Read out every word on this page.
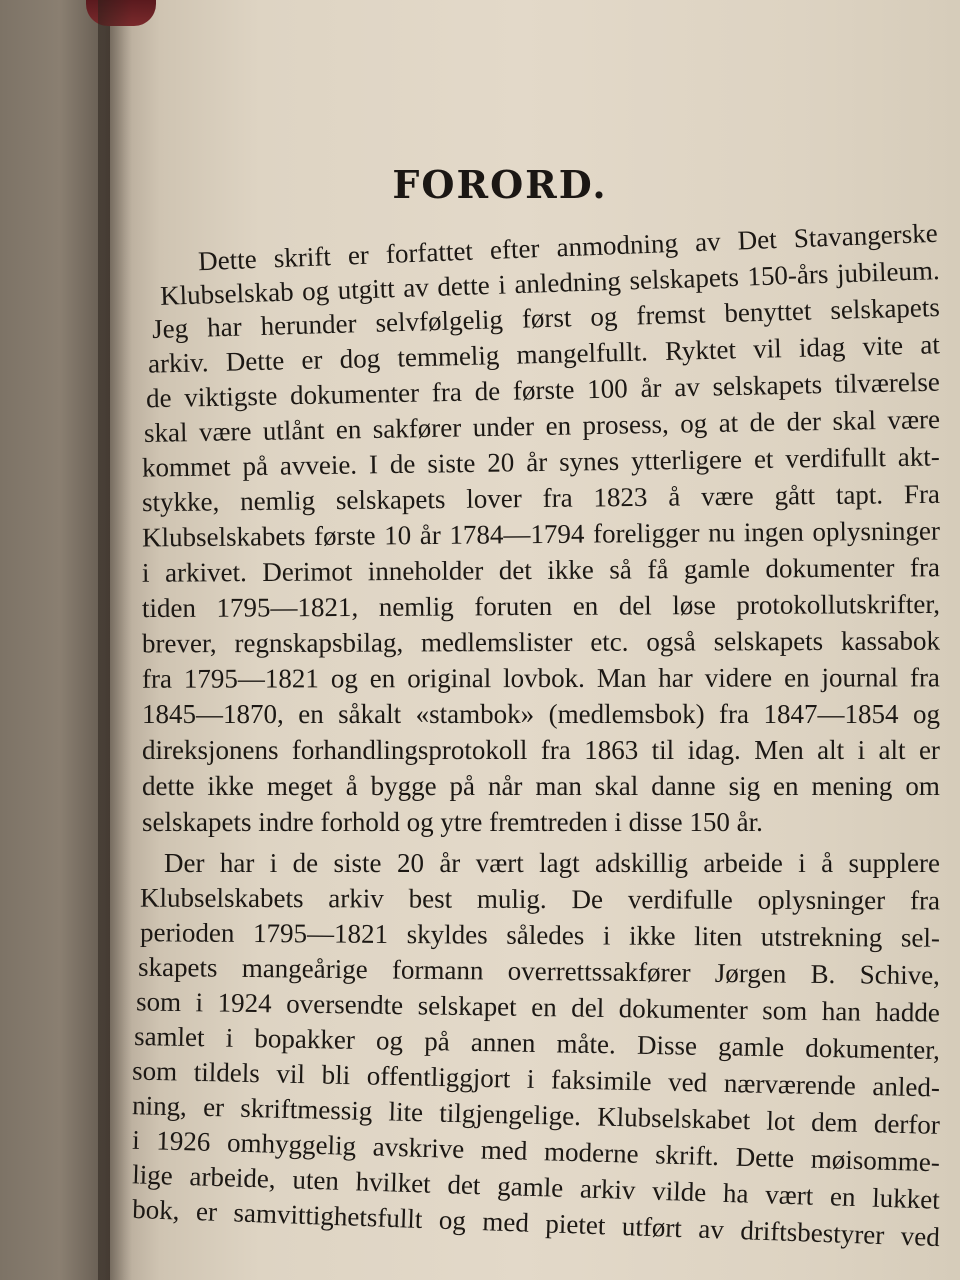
FORORD.
Dette skrift er forfattet efter anmodning av Det Stavangerske
Klubselskab og utgitt av dette i anledning selskapets 150-års jubileum.
Jeg har herunder selvfølgelig først og fremst benyttet selskapets
arkiv. Dette er dog temmelig mangelfullt. Ryktet vil idag vite at
de viktigste dokumenter fra de første 100 år av selskapets tilværelse
skal være utlånt en sakfører under en prosess, og at de der skal være
kommet på avveie. I de siste 20 år synes ytterligere et verdifullt akt-
stykke, nemlig selskapets lover fra 1823 å være gått tapt. Fra
Klubselskabets første 10 år 1784—1794 foreligger nu ingen oplysninger
i arkivet. Derimot inneholder det ikke så få gamle dokumenter fra
tiden 1795—1821, nemlig foruten en del løse protokollutskrifter,
brever, regnskapsbilag, medlemslister etc. også selskapets kassabok
fra 1795—1821 og en original lovbok. Man har videre en journal fra
1845—1870, en såkalt «stambok» (medlemsbok) fra 1847—1854 og
direksjonens forhandlingsprotokoll fra 1863 til idag. Men alt i alt er
dette ikke meget å bygge på når man skal danne sig en mening om
selskapets indre forhold og ytre fremtreden i disse 150 år.
Der har i de siste 20 år vært lagt adskillig arbeide i å supplere
Klubselskabets arkiv best mulig. De verdifulle oplysninger fra
perioden 1795—1821 skyldes således i ikke liten utstrekning sel-
skapets mangeårige formann overrettssakfører Jørgen B. Schive,
som i 1924 oversendte selskapet en del dokumenter som han hadde
samlet i bopakker og på annen måte. Disse gamle dokumenter,
som tildels vil bli offentliggjort i faksimile ved nærværende anled-
ning, er skriftmessig lite tilgjengelige. Klubselskabet lot dem derfor
i 1926 omhyggelig avskrive med moderne skrift. Dette møisomme-
lige arbeide, uten hvilket det gamle arkiv vilde ha vært en lukket
bok, er samvittighetsfullt og med pietet utført av driftsbestyrer ved
